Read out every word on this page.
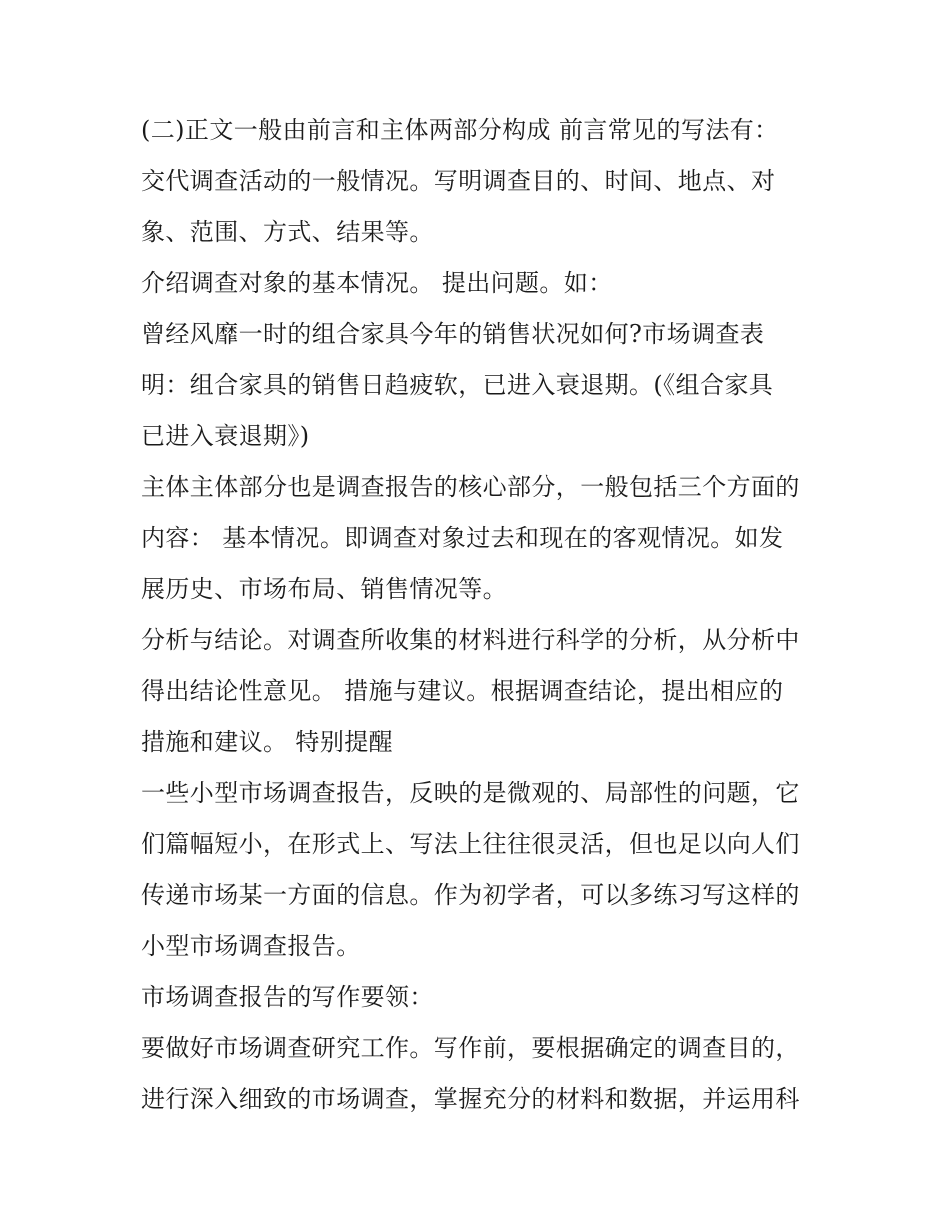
(二)正文一般由前言和主体两部分构成 前言常见的写法有：
交代调查活动的一般情况。写明调查目的、时间、地点、对
象、范围、方式、结果等。
介绍调查对象的基本情况。 提出问题。如：
曾经风靡一时的组合家具今年的销售状况如何?市场调查表
明：组合家具的销售日趋疲软，已进入衰退期。(《组合家具
已进入衰退期》)
主体主体部分也是调查报告的核心部分，一般包括三个方面的
内容： 基本情况。即调查对象过去和现在的客观情况。如发
展历史、市场布局、销售情况等。
分析与结论。对调查所收集的材料进行科学的分析，从分析中
得出结论性意见。 措施与建议。根据调查结论，提出相应的
措施和建议。 特别提醒
一些小型市场调查报告，反映的是微观的、局部性的问题，它
们篇幅短小，在形式上、写法上往往很灵活，但也足以向人们
传递市场某一方面的信息。作为初学者，可以多练习写这样的
小型市场调查报告。
市场调查报告的写作要领：
要做好市场调查研究工作。写作前，要根据确定的调查目的，
进行深入细致的市场调查，掌握充分的材料和数据，并运用科
